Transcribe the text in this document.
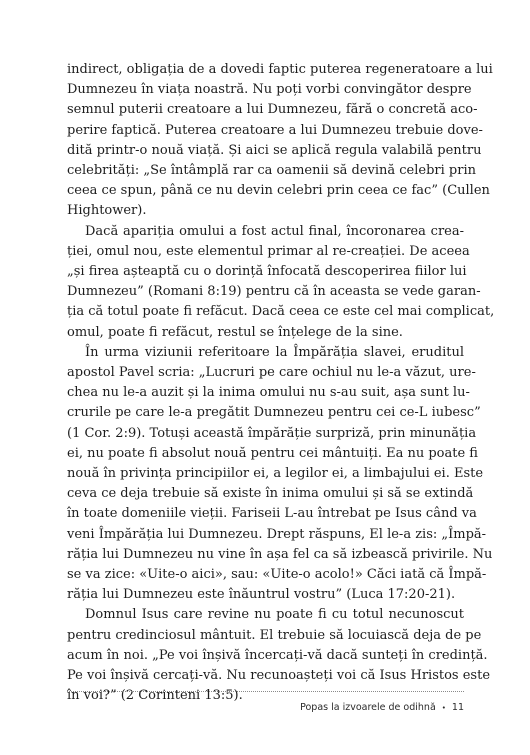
indirect, obligația de a dovedi faptic puterea regeneratoare a lui
Dumnezeu în viața noastră. Nu poți vorbi convingător despre
semnul puterii creatoare a lui Dumnezeu, fără o concretă aco-
perire faptică. Puterea creatoare a lui Dumnezeu trebuie dove-
dită printr-o nouă viață. Și aici se aplică regula valabilă pentru
celebrități: „Se întâmplă rar ca oamenii să devină celebri prin
ceea ce spun, până ce nu devin celebri prin ceea ce fac” (Cullen
Hightower).

Dacă apariția omului a fost actul final, încoronarea crea-
ției, omul nou, este elementul primar al re-creației. De aceea
„și firea așteaptă cu o dorință înfocată descoperirea fiilor lui
Dumnezeu” (Romani 8:19) pentru că în aceasta se vede garan-
ția că totul poate fi refăcut. Dacă ceea ce este cel mai complicat,
omul, poate fi refăcut, restul se înțelege de la sine.

În urma viziunii referitoare la Împărăția slavei, eruditul
apostol Pavel scria: „Lucruri pe care ochiul nu le-a văzut, ure-
chea nu le-a auzit și la inima omului nu s-au suit, așa sunt lu-
crurile pe care le-a pregătit Dumnezeu pentru cei ce-L iubesc”
(1 Cor. 2:9). Totuși această împărăție surpriză, prin minunăția
ei, nu poate fi absolut nouă pentru cei mântuiți. Ea nu poate fi
nouă în privința principiilor ei, a legilor ei, a limbajului ei. Este
ceva ce deja trebuie să existe în inima omului și să se extindă
în toate domeniile vieții. Fariseii L-au întrebat pe Isus când va
veni Împărăția lui Dumnezeu. Drept răspuns, El le-a zis: „Împă-
răția lui Dumnezeu nu vine în așa fel ca să izbească privirile. Nu
se va zice: «Uite-o aici», sau: «Uite-o acolo!» Căci iată că Împă-
răția lui Dumnezeu este înăuntrul vostru” (Luca 17:20-21).

Domnul Isus care revine nu poate fi cu totul necunoscut
pentru credinciosul mântuit. El trebuie să locuiască deja de pe
acum în noi. „Pe voi înșivă încercați-vă dacă sunteți în credință.
Pe voi înșivă cercați-vă. Nu recunoașteți voi că Isus Hristos este
în voi?” (2 Corinteni 13:5).

Popas la izvoarele de odihnă • 11
